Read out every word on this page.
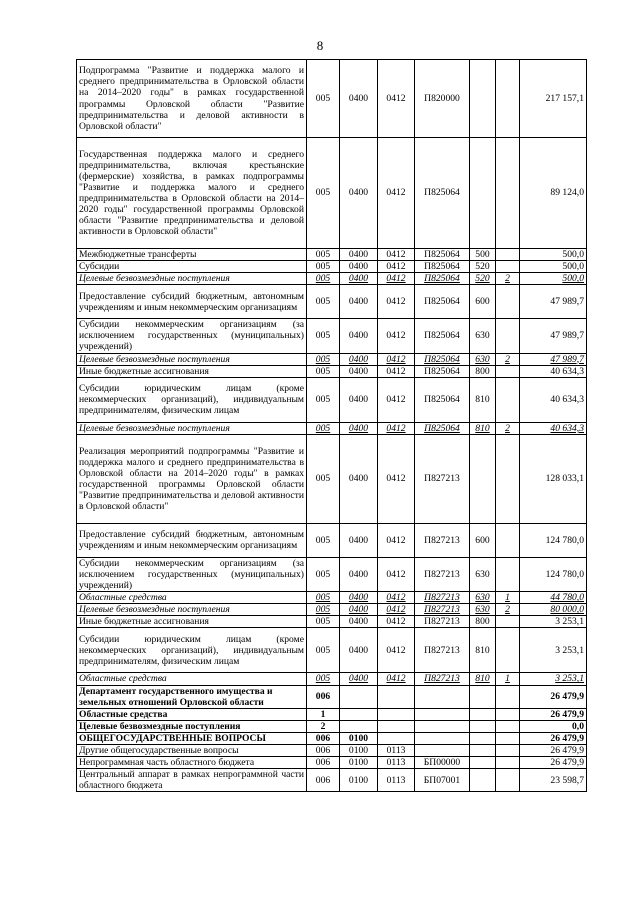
8
Подпрограмма "Развитие и поддержка малого и среднего предпринимательства в Орловской области на 2014–2020 годы" в рамках государственной программы Орловской области "Развитие предпринимательства и деловой активности в Орловской области"	005	0400	0412	П820000			217 157,1
Государственная поддержка малого и среднего предпринимательства, включая крестьянские (фермерские) хозяйства, в рамках подпрограммы "Развитие и поддержка малого и среднего предпринимательства в Орловской области на 2014–2020 годы" государственной программы Орловской области "Развитие предпринимательства и деловой активности в Орловской области"	005	0400	0412	П825064			89 124,0
Межбюджетные трансферты	005	0400	0412	П825064	500		500,0
Субсидии	005	0400	0412	П825064	520		500,0
Целевые безвозмездные поступления	005	0400	0412	П825064	520	2	500,0
Предоставление субсидий бюджетным, автономным учреждениям и иным некоммерческим организациям	005	0400	0412	П825064	600		47 989,7
Субсидии некоммерческим организациям (за исключением государственных (муниципальных) учреждений)	005	0400	0412	П825064	630		47 989,7
Целевые безвозмездные поступления	005	0400	0412	П825064	630	2	47 989,7
Иные бюджетные ассигнования	005	0400	0412	П825064	800		40 634,3
Субсидии юридическим лицам (кроме некоммерческих организаций), индивидуальным предпринимателям, физическим лицам	005	0400	0412	П825064	810		40 634,3
Целевые безвозмездные поступления	005	0400	0412	П825064	810	2	40 634,3
Реализация мероприятий подпрограммы "Развитие и поддержка малого и среднего предпринимательства в Орловской области на 2014–2020 годы" в рамках государственной программы Орловской области "Развитие предпринимательства и деловой активности в Орловской области"	005	0400	0412	П827213			128 033,1
Предоставление субсидий бюджетным, автономным учреждениям и иным некоммерческим организациям	005	0400	0412	П827213	600		124 780,0
Субсидии некоммерческим организациям (за исключением государственных (муниципальных) учреждений)	005	0400	0412	П827213	630		124 780,0
Областные средства	005	0400	0412	П827213	630	1	44 780,0
Целевые безвозмездные поступления	005	0400	0412	П827213	630	2	80 000,0
Иные бюджетные ассигнования	005	0400	0412	П827213	800		3 253,1
Субсидии юридическим лицам (кроме некоммерческих организаций), индивидуальным предпринимателям, физическим лицам	005	0400	0412	П827213	810		3 253,1
Областные средства	005	0400	0412	П827213	810	1	3 253,1
Департамент государственного имущества и земельных отношений Орловской области	006						26 479,9
Областные средства	1						26 479,9
Целевые безвозмездные поступления	2						0,0
ОБЩЕГОСУДАРСТВЕННЫЕ ВОПРОСЫ	006	0100					26 479,9
Другие общегосударственные вопросы	006	0100	0113				26 479,9
Непрограммная часть областного бюджета	006	0100	0113	БП00000			26 479,9
Центральный аппарат в рамках непрограммной части областного бюджета	006	0100	0113	БП07001			23 598,7
